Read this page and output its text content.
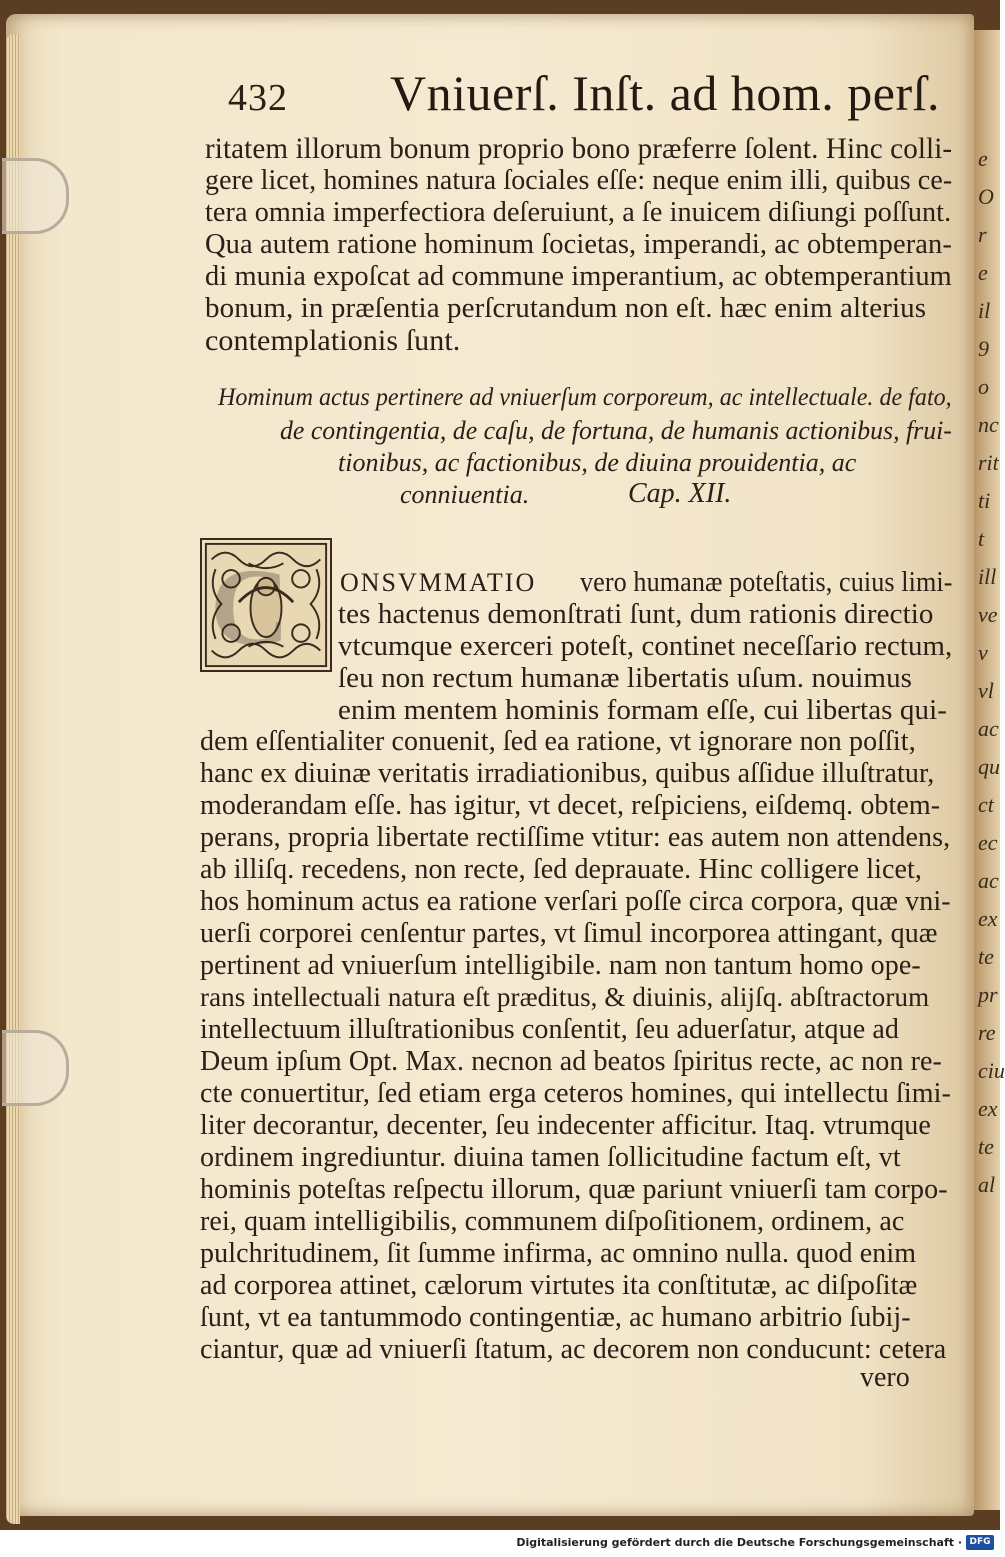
e
O
r
e
il
9
o
nc
rit
ti
t
ill
ve
v
vl
ac
qu
ct
ec
ac
ex
te
pr
re
ciu
ex
te
al
432 Vniuerſ. Inſt. ad hom. perſ.
ritatem illorum bonum proprio bono præferre ſolent. Hinc colli-
gere licet, homines natura ſociales eſſe: neque enim illi, quibus ce-
tera omnia imperfectiora deſeruiunt, a ſe inuicem diſiungi poſſunt.
Qua autem ratione hominum ſocietas, imperandi, ac obtemperan-
di munia expoſcat ad commune imperantium, ac obtemperantium
bonum, in præſentia perſcrutandum non eſt. hæc enim alterius
contemplationis ſunt.
Hominum actus pertinere ad vniuerſum corporeum, ac intellectuale. de fato,
de contingentia, de caſu, de fortuna, de humanis actionibus, frui-
tionibus, ac factionibus, de diuina prouidentia, ac
conniuentia.	Cap. XII.
C ONSVMMATIO vero humanæ poteſtatis, cuius limi-
tes hactenus demonſtrati ſunt, dum rationis directio
vtcumque exerceri poteſt, continet neceſſario rectum,
ſeu non rectum humanæ libertatis uſum. nouimus
enim mentem hominis formam eſſe, cui libertas qui-
dem eſſentialiter conuenit, ſed ea ratione, vt ignorare non poſſit,
hanc ex diuinæ veritatis irradiationibus, quibus aſſidue illuſtratur,
moderandam eſſe. has igitur, vt decet, reſpiciens, eiſdemq. obtem-
perans, propria libertate rectiſſime vtitur: eas autem non attendens,
ab illiſq. recedens, non recte, ſed deprauate. Hinc colligere licet,
hos hominum actus ea ratione verſari poſſe circa corpora, quæ vni-
uerſi corporei cenſentur partes, vt ſimul incorporea attingant, quæ
pertinent ad vniuerſum intelligibile. nam non tantum homo ope-
rans intellectuali natura eſt præditus, & diuinis, alijſq. abſtractorum
intellectuum illuſtrationibus conſentit, ſeu aduerſatur, atque ad
Deum ipſum Opt. Max. necnon ad beatos ſpiritus recte, ac non re-
cte conuertitur, ſed etiam erga ceteros homines, qui intellectu ſimi-
liter decorantur, decenter, ſeu indecenter afficitur. Itaq. vtrumque
ordinem ingrediuntur. diuina tamen ſollicitudine factum eſt, vt
hominis poteſtas reſpectu illorum, quæ pariunt vniuerſi tam corpo-
rei, quam intelligibilis, communem diſpoſitionem, ordinem, ac
pulchritudinem, ſit ſumme infirma, ac omnino nulla. quod enim
ad corporea attinet, cælorum virtutes ita conſtitutæ, ac diſpoſitæ
ſunt, vt ea tantummodo contingentiæ, ac humano arbitrio ſubij-
ciantur, quæ ad vniuerſi ſtatum, ac decorem non conducunt: cetera
vero
Digitalisierung gefördert durch die Deutsche Forschungsgemeinschaft · DFG
